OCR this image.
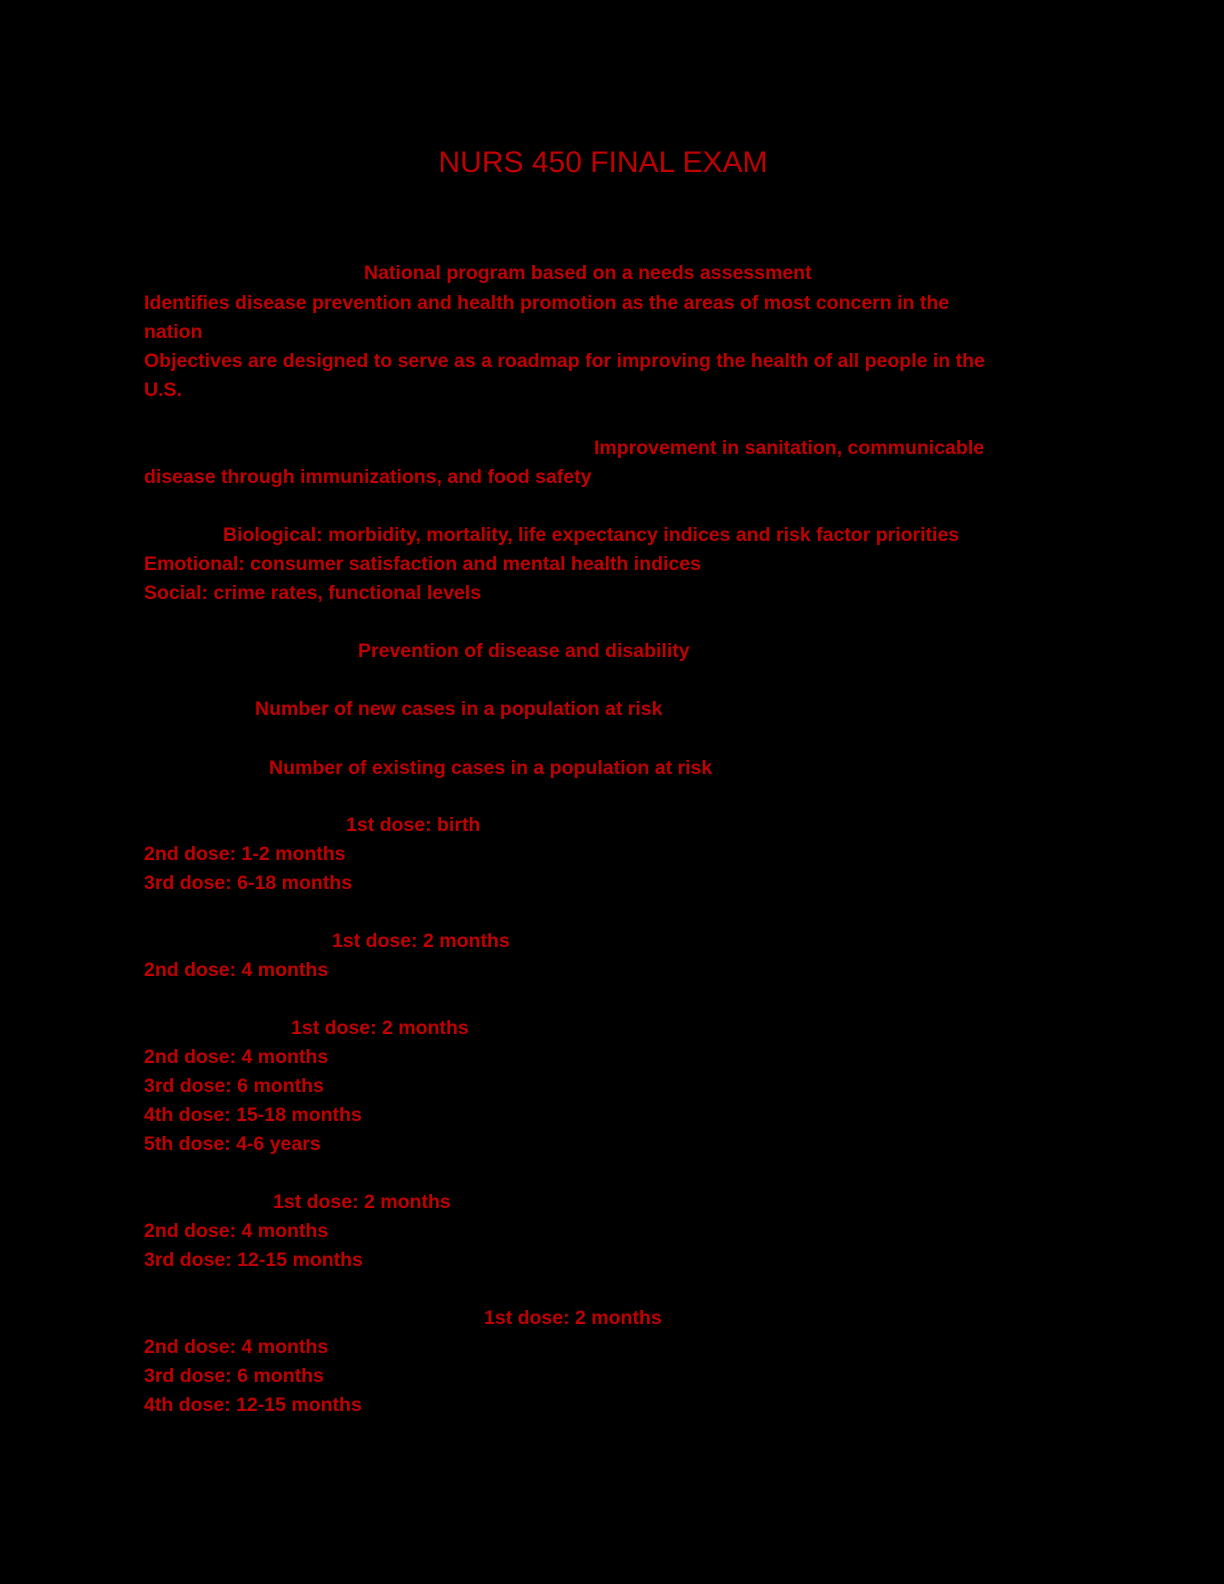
NURS 450 FINAL EXAM

National program based on a needs assessment

Identifies disease prevention and health promotion as the areas of most concern in the

nation

Objectives are designed to serve as a roadmap for improving the health of all people in the

U.S.

Improvement in sanitation, communicable

disease through immunizations, and food safety

Biological: morbidity, mortality, life expectancy indices and risk factor priorities

Emotional: consumer satisfaction and mental health indices

Social: crime rates, functional levels

Prevention of disease and disability

Number of new cases in a population at risk

Number of existing cases in a population at risk

1st dose: birth

2nd dose: 1-2 months

3rd dose: 6-18 months

1st dose: 2 months

2nd dose: 4 months

1st dose: 2 months

2nd dose: 4 months

3rd dose: 6 months

4th dose: 15-18 months

5th dose: 4-6 years

1st dose: 2 months

2nd dose: 4 months

3rd dose: 12-15 months

1st dose: 2 months

2nd dose: 4 months

3rd dose: 6 months

4th dose: 12-15 months
